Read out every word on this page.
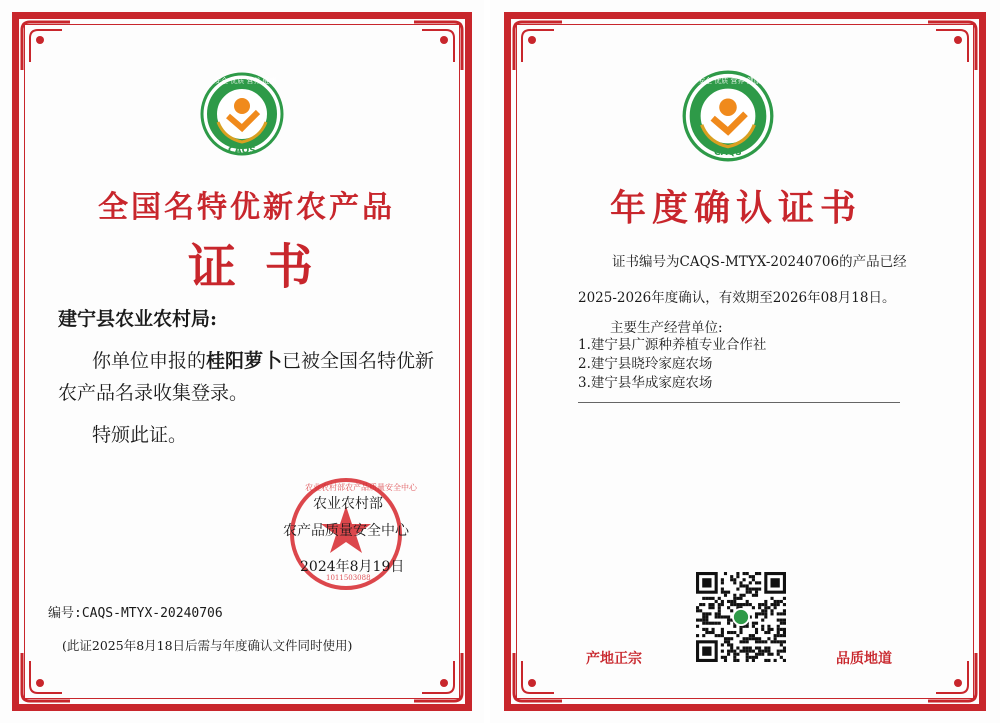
安全 优质 营养 健康
CAQS
全国名特优新农产品
证 书
建宁县农业农村局:
你单位申报的桂阳萝卜已被全国名特优新
农产品名录收集登录。
特颁此证。
农业农村部农产品质量安全中心
1011503088
农业农村部
农产品质量安全中心
2024年8月19日
编号:CAQS-MTYX-20240706
(此证2025年8月18日后需与年度确认文件同时使用)
安全 优质 营养 健康
CAQS
年度确认证书
证书编号为CAQS-MTYX-20240706的产品已经
2025-2026年度确认，有效期至2026年08月18日。
主要生产经营单位:
1.建宁县广源种养植专业合作社
2.建宁县晓玲家庭农场
3.建宁县华成家庭农场
产地正宗	品质地道
